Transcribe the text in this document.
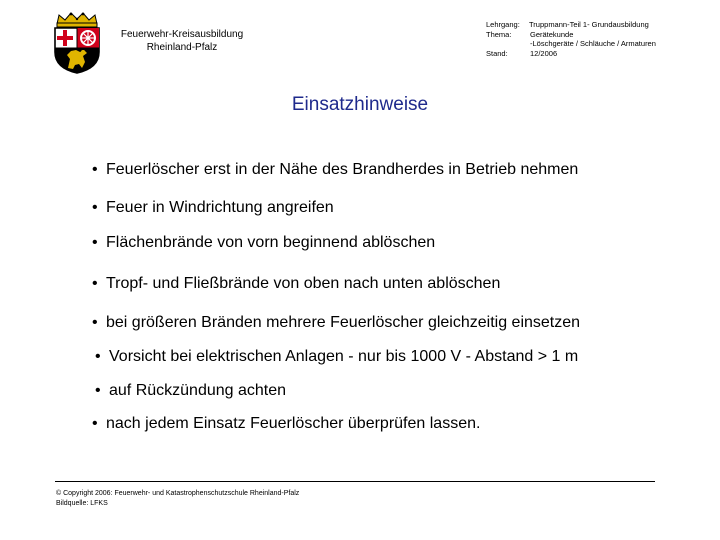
Feuerwehr-Kreisausbildung
Rheinland-Pfalz
Lehrgang:	Truppmann-Teil 1- Grundausbildung
Thema:	Gerätekunde
-Löschgeräte / Schläuche / Armaturen
Stand:	12/2006
Einsatzhinweise
• Feuerlöscher erst in der Nähe des Brandherdes in Betrieb nehmen
• Feuer in Windrichtung angreifen
• Flächenbrände von vorn beginnend ablöschen
• Tropf- und Fließbrände von oben nach unten ablöschen
• bei größeren Bränden mehrere Feuerlöscher gleichzeitig einsetzen
• Vorsicht bei elektrischen Anlagen - nur bis 1000 V - Abstand > 1 m
• auf Rückzündung achten
• nach jedem Einsatz Feuerlöscher überprüfen lassen.
© Copyright 2006: Feuerwehr- und Katastrophenschutzschule Rheinland-Pfalz
Bildquelle: LFKS
